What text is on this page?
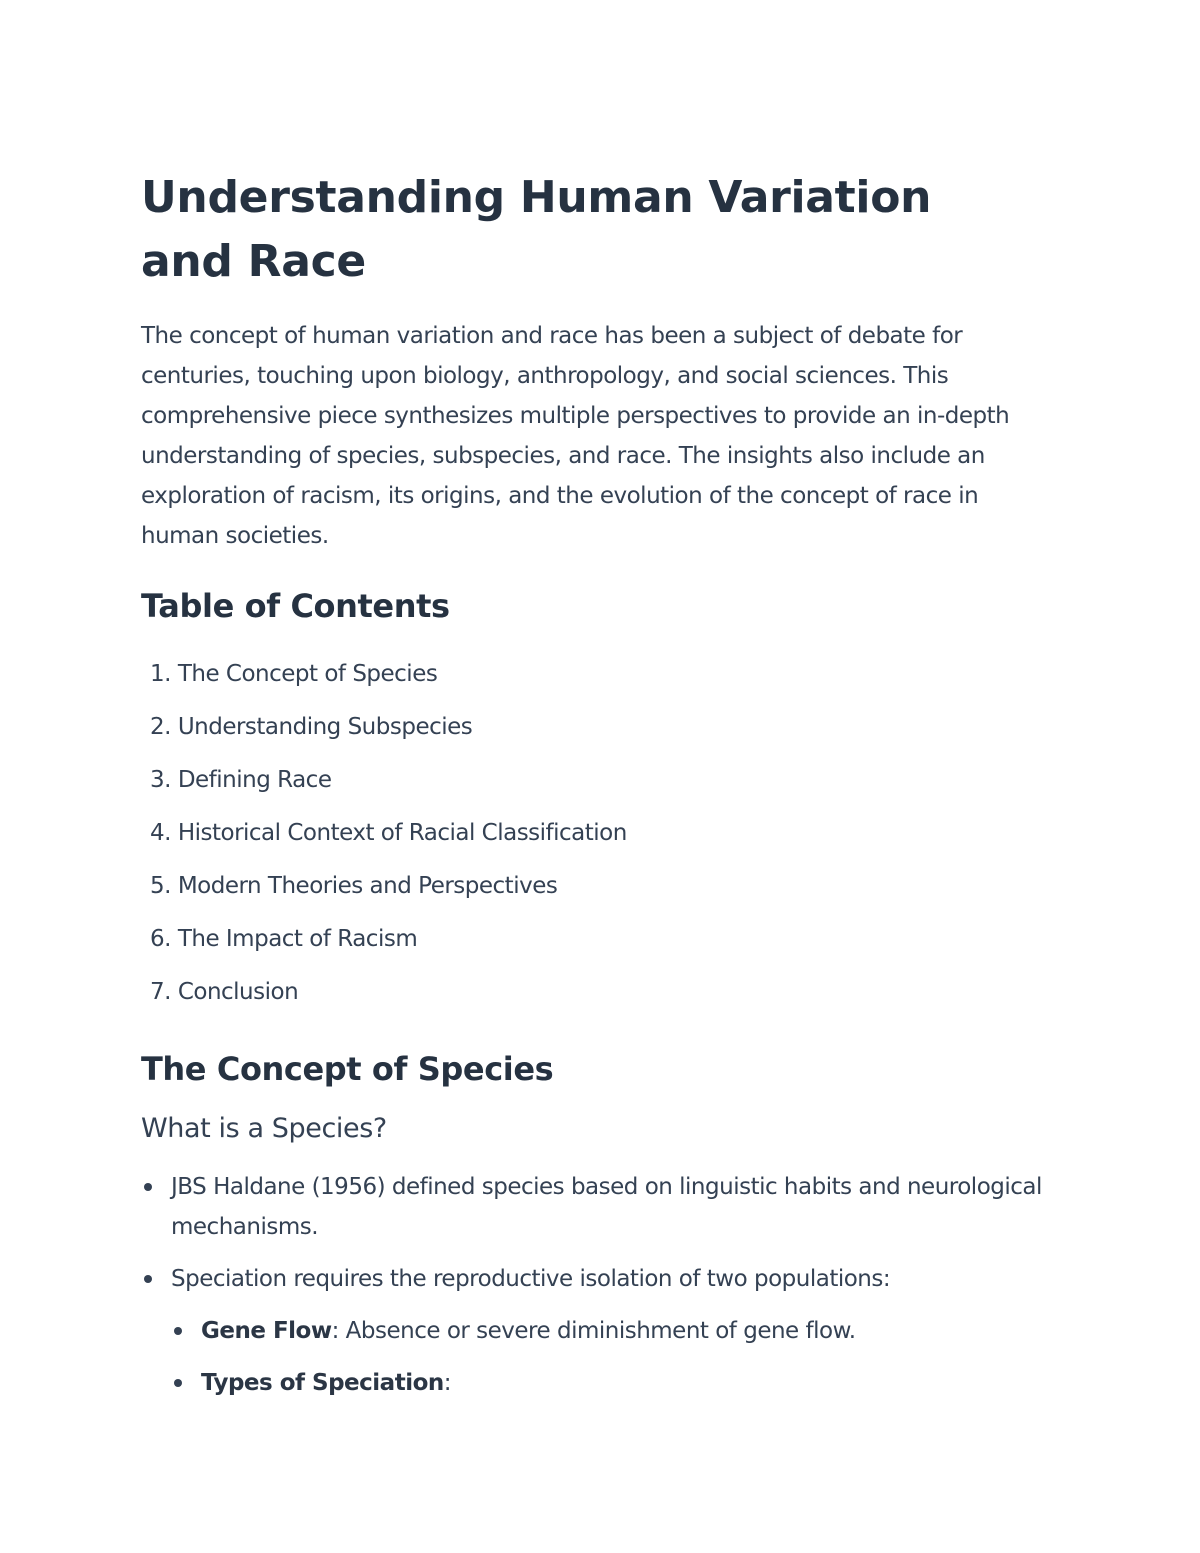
Understanding Human Variation and Race

The concept of human variation and race has been a subject of debate for centuries, touching upon biology, anthropology, and social sciences. This comprehensive piece synthesizes multiple perspectives to provide an in-depth understanding of species, subspecies, and race. The insights also include an exploration of racism, its origins, and the evolution of the concept of race in human societies.

Table of Contents
1. The Concept of Species
2. Understanding Subspecies
3. Defining Race
4. Historical Context of Racial Classification
5. Modern Theories and Perspectives
6. The Impact of Racism
7. Conclusion
The Concept of Species
What is a Species?
JBS Haldane (1956) defined species based on linguistic habits and neurological mechanisms.
Speciation requires the reproductive isolation of two populations:
Gene Flow: Absence or severe diminishment of gene flow.
Types of Speciation:
